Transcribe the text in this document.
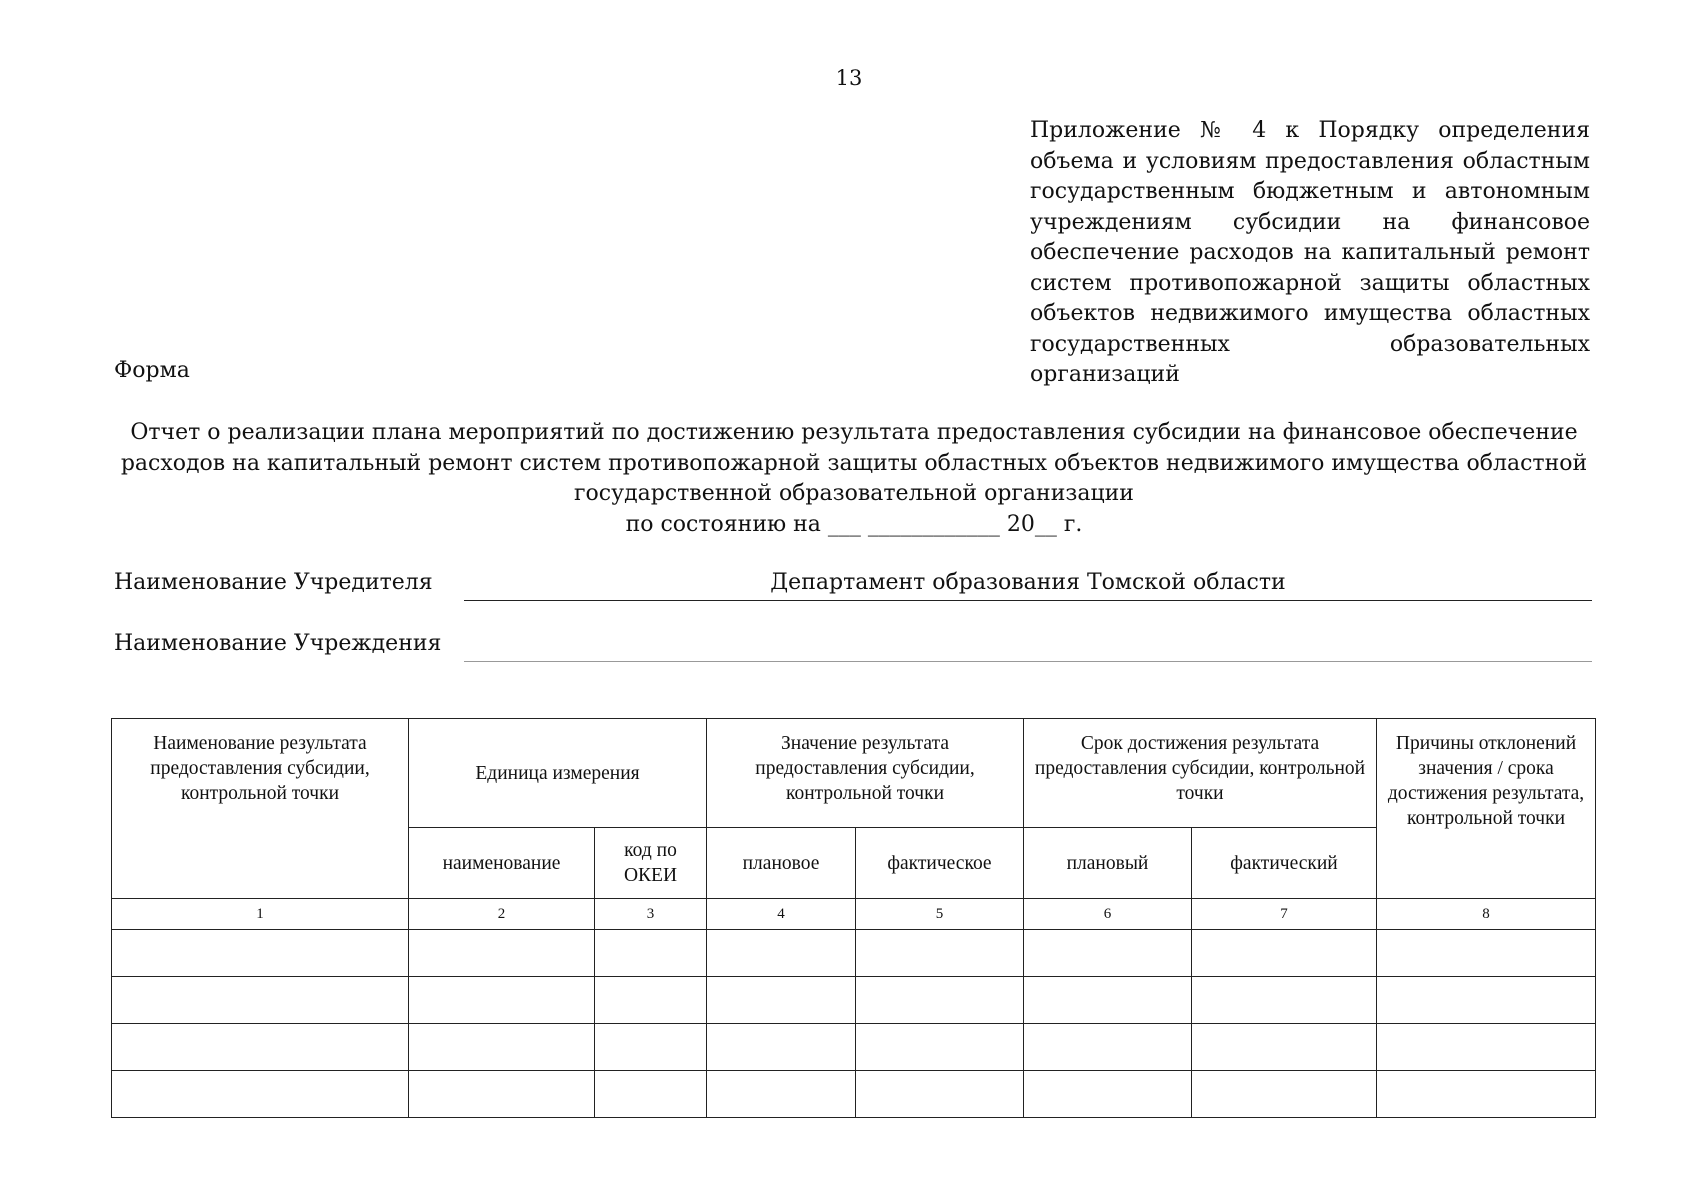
13
Приложение № 4 к Порядку определения объема и условиям предоставления областным государственным бюджетным и автономным учреждениям субсидии на финансовое обеспечение расходов на капитальный ремонт систем противопожарной защиты областных объектов недвижимого имущества областных
государственных образовательных организаций
Форма
Отчет о реализации плана мероприятий по достижению результата предоставления субсидии на финансовое обеспечение
расходов на капитальный ремонт систем противопожарной защиты областных объектов недвижимого имущества областной
государственной образовательной организации
по состоянию на ___ ____________ 20__ г.
Наименование Учредителя	Департамент образования Томской области
Наименование Учреждения
Наименование результата предоставления субсидии, контрольной точки	Единица измерения		Значение результата предоставления субсидии, контрольной точки		Срок достижения результата предоставления субсидии, контрольной точки		Причины отклонений значения / срока достижения результата, контрольной точки
	наименование	код по ОКЕИ	плановое	фактическое	плановый	фактический	
1	2	3	4	5	6	7	8
